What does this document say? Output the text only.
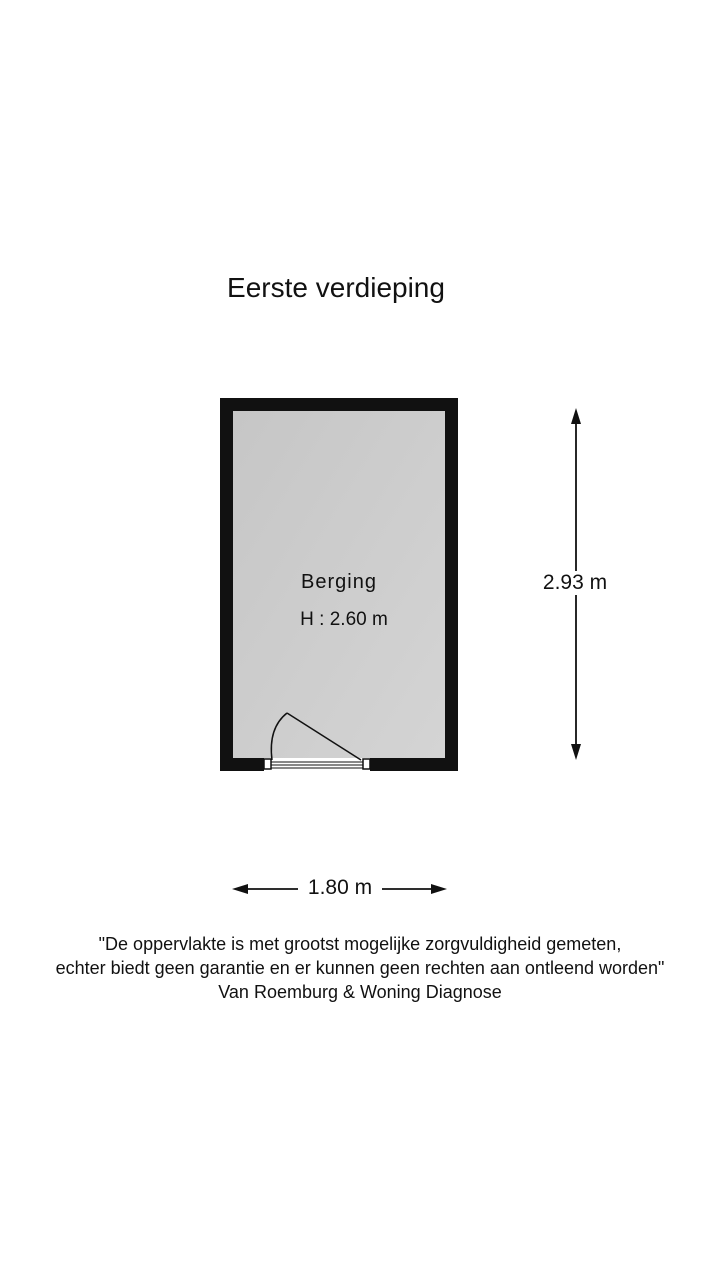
Eerste verdieping
Berging
H : 2.60 m
2.93 m
1.80 m
"De oppervlakte is met grootst mogelijke zorgvuldigheid gemeten,
echter biedt geen garantie en er kunnen geen rechten aan ontleend worden"
Van Roemburg & Woning Diagnose
